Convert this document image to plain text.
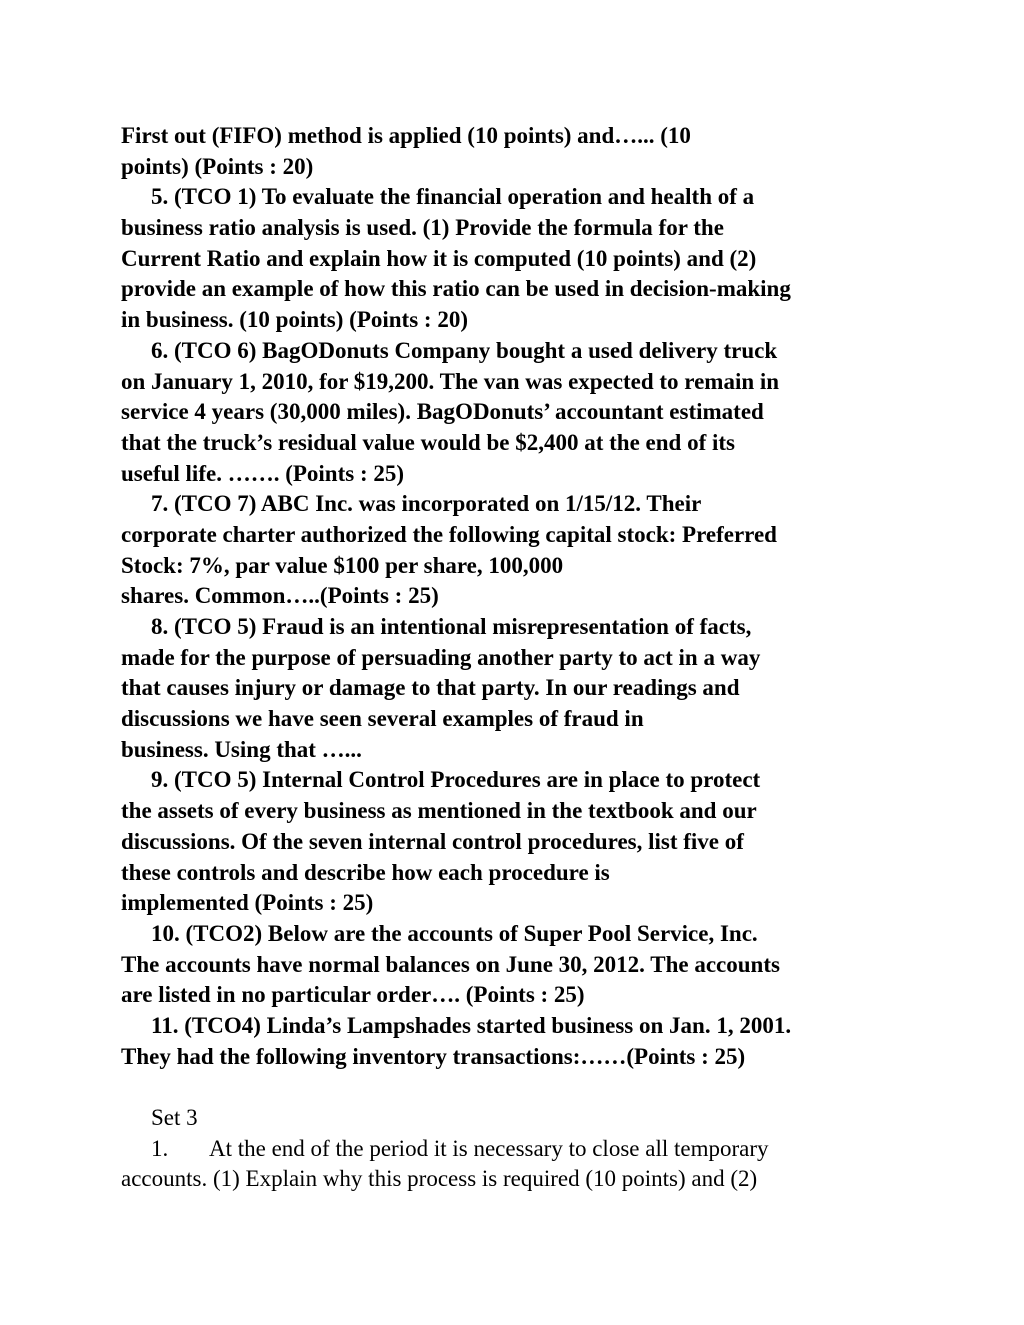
First out (FIFO) method is applied (10 points) and…... (10
points) (Points : 20)
5. (TCO 1) To evaluate the financial operation and health of a
business ratio analysis is used. (1) Provide the formula for the
Current Ratio and explain how it is computed (10 points) and (2)
provide an example of how this ratio can be used in decision-making
in business. (10 points) (Points : 20)
6. (TCO 6) BagODonuts Company bought a used delivery truck
on January 1, 2010, for $19,200. The van was expected to remain in
service 4 years (30,000 miles). BagODonuts’ accountant estimated
that the truck’s residual value would be $2,400 at the end of its
useful life. ……. (Points : 25)
7. (TCO 7) ABC Inc. was incorporated on 1/15/12. Their
corporate charter authorized the following capital stock: Preferred
Stock: 7%, par value $100 per share, 100,000
shares. Common…..(Points : 25)
8. (TCO 5) Fraud is an intentional misrepresentation of facts,
made for the purpose of persuading another party to act in a way
that causes injury or damage to that party. In our readings and
discussions we have seen several examples of fraud in
business. Using that …...
9. (TCO 5) Internal Control Procedures are in place to protect
the assets of every business as mentioned in the textbook and our
discussions. Of the seven internal control procedures, list five of
these controls and describe how each procedure is
implemented (Points : 25)
10. (TCO2) Below are the accounts of Super Pool Service, Inc.
The accounts have normal balances on June 30, 2012. The accounts
are listed in no particular order…. (Points : 25)
11. (TCO4) Linda’s Lampshades started business on Jan. 1, 2001.
They had the following inventory transactions:……(Points : 25)
Set 3
1. At the end of the period it is necessary to close all temporary
accounts. (1) Explain why this process is required (10 points) and (2)
